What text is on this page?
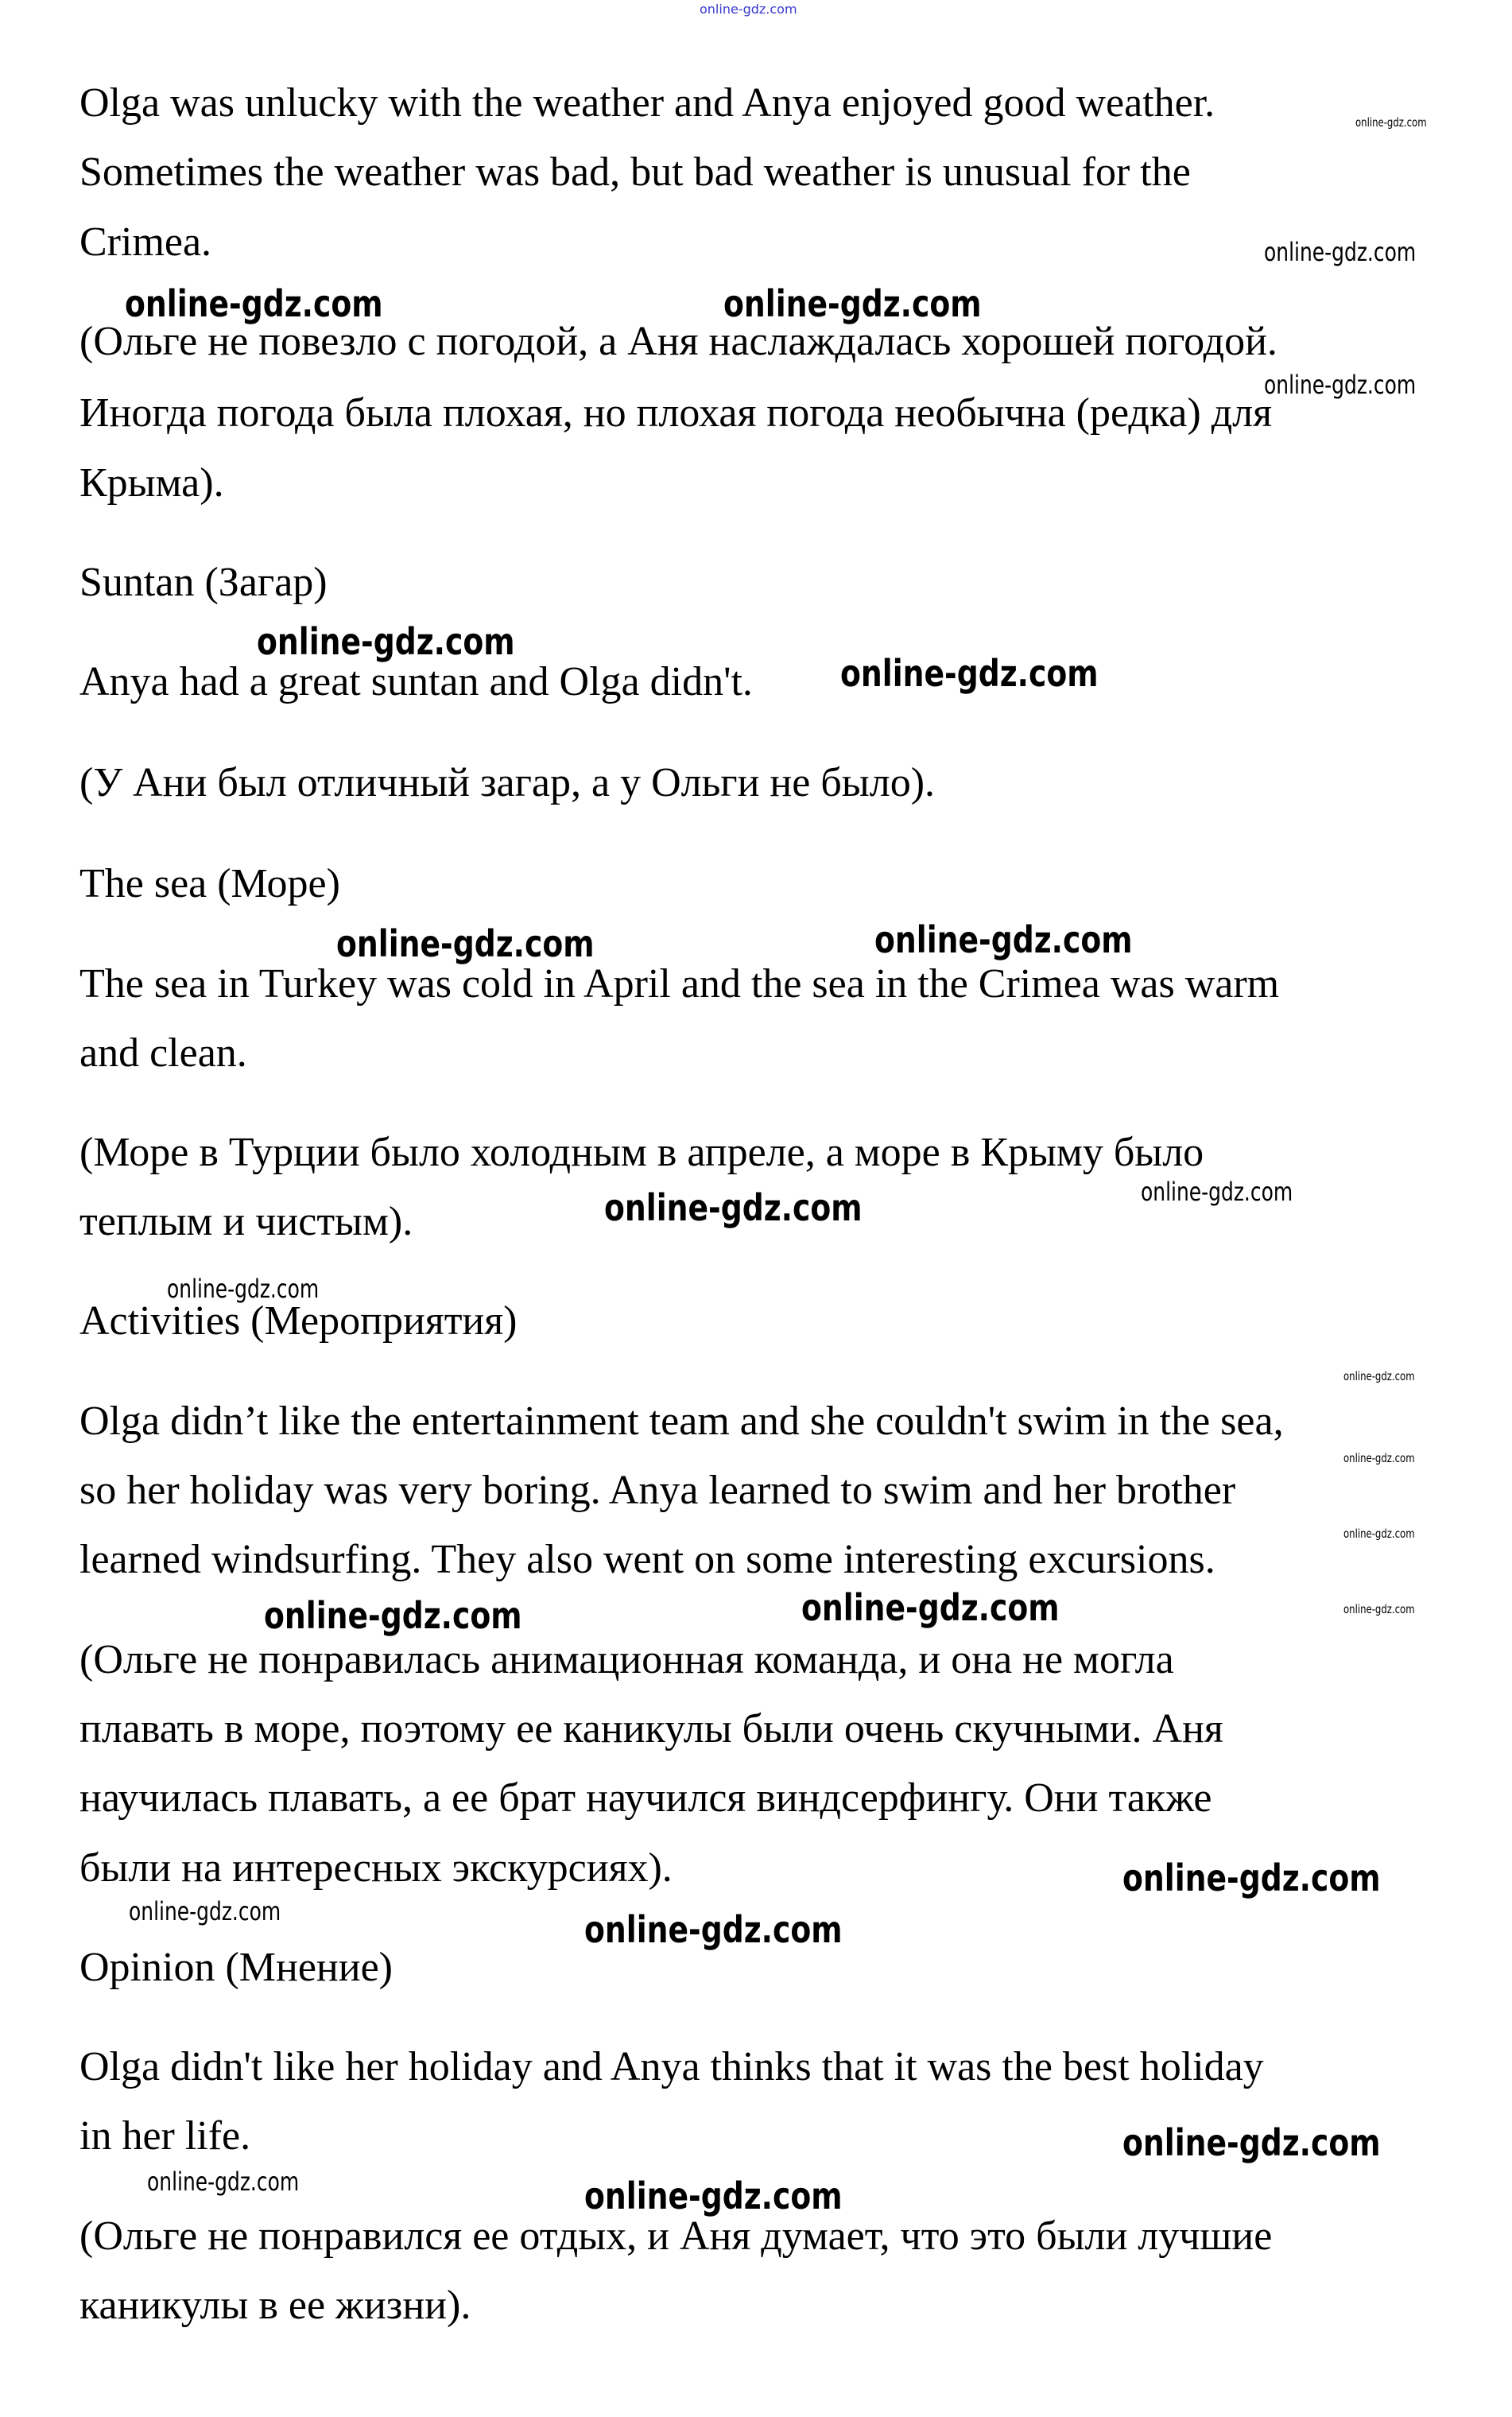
online-gdz.com
Olga was unlucky with the weather and Anya enjoyed good weather.
Sometimes the weather was bad, but bad weather is unusual for the
Crimea.
(Ольге не повезло с погодой, а Аня наслаждалась хорошей погодой.
Иногда погода была плохая, но плохая погода необычна (редка) для
Крыма).
Suntan (Загар)
Anya had a great suntan and Olga didn't.
(У Ани был отличный загар, а у Ольги не было).
The sea (Море)
The sea in Turkey was cold in April and the sea in the Crimea was warm
and clean.
(Море в Турции было холодным в апреле, а море в Крыму было
теплым и чистым).
Activities (Мероприятия)
Olga didn’t like the entertainment team and she couldn't swim in the sea,
so her holiday was very boring. Anya learned to swim and her brother
learned windsurfing. They also went on some interesting excursions.
(Ольге не понравилась анимационная команда, и она не могла
плавать в море, поэтому ее каникулы были очень скучными. Аня
научилась плавать, а ее брат научился виндсерфингу. Они также
были на интересных экскурсиях).
Opinion (Мнение)
Olga didn't like her holiday and Anya thinks that it was the best holiday
in her life.
(Ольге не понравился ее отдых, и Аня думает, что это были лучшие
каникулы в ее жизни).
online-gdz.com
online-gdz.com
online-gdz.com	online-gdz.com
online-gdz.com
online-gdz.com
online-gdz.com
online-gdz.com	online-gdz.com
online-gdz.com	online-gdz.com
online-gdz.com
online-gdz.com
online-gdz.com
online-gdz.com
online-gdz.com	online-gdz.com	online-gdz.com
online-gdz.com
online-gdz.com	online-gdz.com
online-gdz.com
online-gdz.com	online-gdz.com
